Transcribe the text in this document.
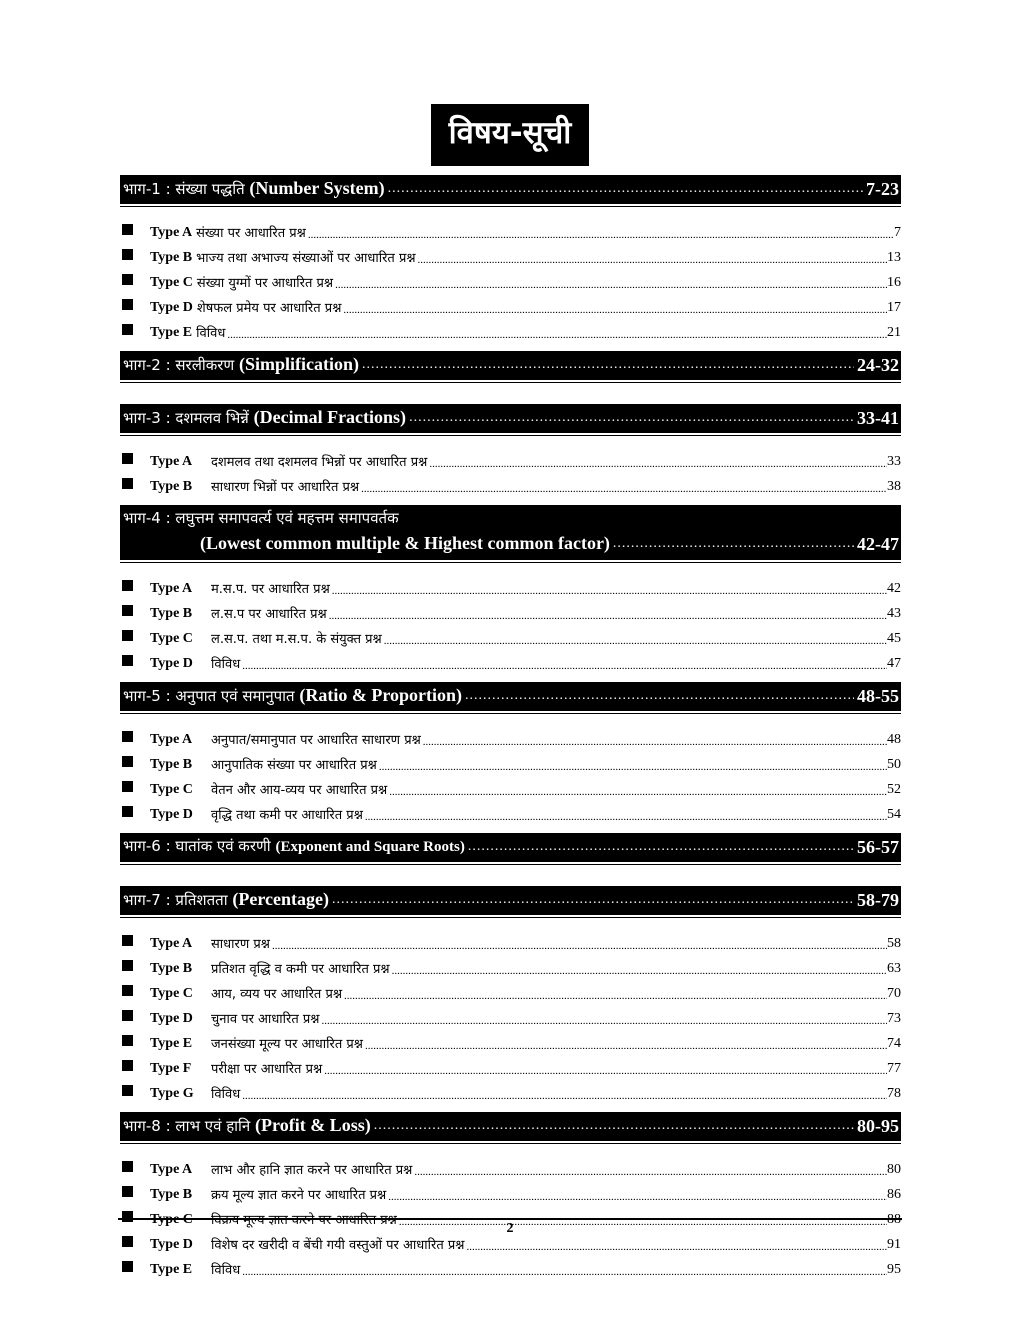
विषय-सूची
भाग-1 : संख्या पद्धति (Number System) .....	7-23
Type A संख्या पर आधारित प्रश्न .....	7
Type B भाज्य तथा अभाज्य संख्याओं पर आधारित प्रश्न .....	13
Type C संख्या युग्मों पर आधारित प्रश्न .....	16
Type D शेषफल प्रमेय पर आधारित प्रश्न .....	17
Type E विविध .....	21
भाग-2 : सरलीकरण (Simplification) .....	24-32
भाग-3 : दशमलव भिन्नें (Decimal Fractions) .....	33-41
Type A	दशमलव तथा दशमलव भिन्नों पर आधारित प्रश्न .....	33
Type B	साधारण भिन्नों पर आधारित प्रश्न .....	38
भाग-4 : लघुत्तम समापवर्त्य एवं महत्तम समापवर्तक
(Lowest common multiple & Highest common factor) .....	42-47
Type A	म.स.प. पर आधारित प्रश्न .....	42
Type B	ल.स.प पर आधारित प्रश्न .....	43
Type C	ल.स.प. तथा म.स.प. के संयुक्त प्रश्न .....	45
Type D	विविध .....	47
भाग-5 : अनुपात एवं समानुपात (Ratio & Proportion) .....	48-55
Type A	अनुपात/समानुपात पर आधारित साधारण प्रश्न .....	48
Type B	आनुपातिक संख्या पर आधारित प्रश्न .....	50
Type C	वेतन और आय-व्यय पर आधारित प्रश्न .....	52
Type D	वृद्धि तथा कमी पर आधारित प्रश्न .....	54
भाग-6 : घातांक एवं करणी (Exponent and Square Roots) .....	56-57
भाग-7 : प्रतिशतता (Percentage) .....	58-79
Type A	साधारण प्रश्न .....	58
Type B	प्रतिशत वृद्धि व कमी पर आधारित प्रश्न .....	63
Type C	आय, व्यय पर आधारित प्रश्न .....	70
Type D	चुनाव पर आधारित प्रश्न .....	73
Type E	जनसंख्या मूल्य पर आधारित प्रश्न .....	74
Type F	परीक्षा पर आधारित प्रश्न .....	77
Type G	विविध .....	78
भाग-8 : लाभ एवं हानि (Profit & Loss) .....	80-95
Type A	लाभ और हानि ज्ञात करने पर आधारित प्रश्न .....	80
Type B	क्रय मूल्य ज्ञात करने पर आधारित प्रश्न .....	86
Type C	विक्रय मूल्य ज्ञात करने पर आधारित प्रश्न .....	88
Type D	विशेष दर खरीदी व बेंची गयी वस्तुओं पर आधारित प्रश्न .....	91
Type E	विविध .....	95
2
